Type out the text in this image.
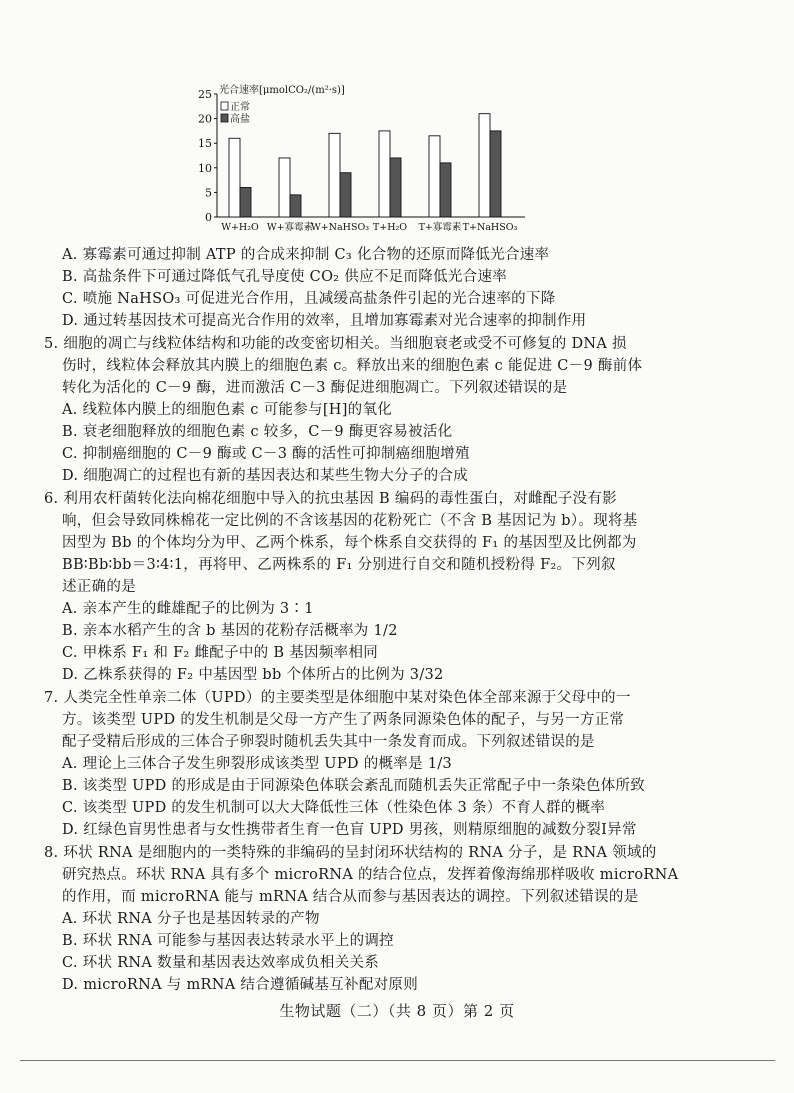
0
5
10
15
20
25 光合速率[μmolCO₂/(m²·s)]
正常
高盐
W+H₂O W+寡霉素
W+NaHSO₃ T+H₂O T+寡霉素 T+NaHSO₃
A. 寡霉素可通过抑制 ATP 的合成来抑制 C₃ 化合物的还原而降低光合速率
B. 高盐条件下可通过降低气孔导度使 CO₂ 供应不足而降低光合速率
C. 喷施 NaHSO₃ 可促进光合作用，且减缓高盐条件引起的光合速率的下降
D. 通过转基因技术可提高光合作用的效率，且增加寡霉素对光合速率的抑制作用
5. 细胞的凋亡与线粒体结构和功能的改变密切相关。当细胞衰老或受不可修复的 DNA 损
伤时，线粒体会释放其内膜上的细胞色素 c。释放出来的细胞色素 c 能促进 C－9 酶前体
转化为活化的 C－9 酶，进而激活 C－3 酶促进细胞凋亡。下列叙述错误的是
A. 线粒体内膜上的细胞色素 c 可能参与[H]的氧化
B. 衰老细胞释放的细胞色素 c 较多，C－9 酶更容易被活化
C. 抑制癌细胞的 C－9 酶或 C－3 酶的活性可抑制癌细胞增殖
D. 细胞凋亡的过程也有新的基因表达和某些生物大分子的合成
6. 利用农杆菌转化法向棉花细胞中导入的抗虫基因 B 编码的毒性蛋白，对雌配子没有影
响，但会导致同株棉花一定比例的不含该基因的花粉死亡（不含 B 基因记为 b）。现将基
因型为 Bb 的个体均分为甲、乙两个株系，每个株系自交获得的 F₁ 的基因型及比例都为
BB∶Bb∶bb＝3∶4∶1，再将甲、乙两株系的 F₁ 分别进行自交和随机授粉得 F₂。下列叙
述正确的是
A. 亲本产生的雌雄配子的比例为 3∶1
B. 亲本水稻产生的含 b 基因的花粉存活概率为 1/2
C. 甲株系 F₁ 和 F₂ 雌配子中的 B 基因频率相同
D. 乙株系获得的 F₂ 中基因型 bb 个体所占的比例为 3/32
7. 人类完全性单亲二体（UPD）的主要类型是体细胞中某对染色体全部来源于父母中的一
方。该类型 UPD 的发生机制是父母一方产生了两条同源染色体的配子，与另一方正常
配子受精后形成的三体合子卵裂时随机丢失其中一条发育而成。下列叙述错误的是
A. 理论上三体合子发生卵裂形成该类型 UPD 的概率是 1/3
B. 该类型 UPD 的形成是由于同源染色体联会紊乱而随机丢失正常配子中一条染色体所致
C. 该类型 UPD 的发生机制可以大大降低性三体（性染色体 3 条）不育人群的概率
D. 红绿色盲男性患者与女性携带者生育一色盲 UPD 男孩，则精原细胞的减数分裂Ⅰ异常
8. 环状 RNA 是细胞内的一类特殊的非编码的呈封闭环状结构的 RNA 分子，是 RNA 领域的
研究热点。环状 RNA 具有多个 microRNA 的结合位点，发挥着像海绵那样吸收 microRNA
的作用，而 microRNA 能与 mRNA 结合从而参与基因表达的调控。下列叙述错误的是
A. 环状 RNA 分子也是基因转录的产物
B. 环状 RNA 可能参与基因表达转录水平上的调控
C. 环状 RNA 数量和基因表达效率成负相关关系
D. microRNA 与 mRNA 结合遵循碱基互补配对原则
生物试题（二）（共 8 页）第 2 页
